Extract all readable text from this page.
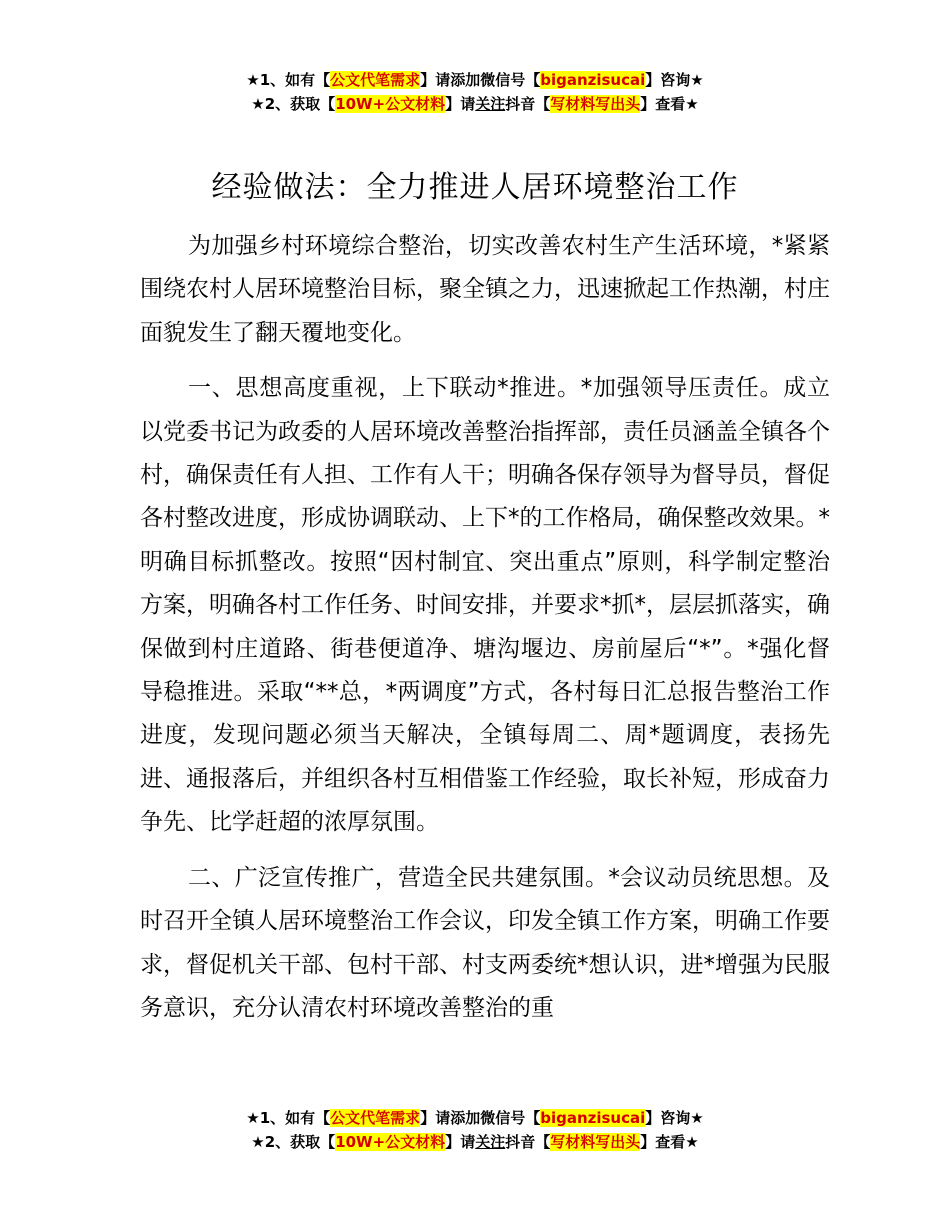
★1、如有【公文代笔需求】请添加微信号【biganzisucai】咨询★
★2、获取【10W+公文材料】请关注抖音【写材料写出头】查看★
经验做法：全力推进人居环境整治工作

为加强乡村环境综合整治，切实改善农村生产生活环境，*紧紧围绕农村人居环境整治目标，聚全镇之力，迅速掀起工作热潮，村庄面貌发生了翻天覆地变化。

一、思想高度重视，上下联动*推进。*加强领导压责任。成立以党委书记为政委的人居环境改善整治指挥部，责任员涵盖全镇各个村，确保责任有人担、工作有人干；明确各保存领导为督导员，督促各村整改进度，形成协调联动、上下*的工作格局，确保整改效果。*明确目标抓整改。按照“因村制宜、突出重点”原则，科学制定整治方案，明确各村工作任务、时间安排，并要求*抓*，层层抓落实，确保做到村庄道路、街巷便道净、塘沟堰边、房前屋后“*”。*强化督导稳推进。采取“**总，*两调度”方式，各村每日汇总报告整治工作进度，发现问题必须当天解决，全镇每周二、周*题调度，表扬先进、通报落后，并组织各村互相借鉴工作经验，取长补短，形成奋力争先、比学赶超的浓厚氛围。

二、广泛宣传推广，营造全民共建氛围。*会议动员统思想。及时召开全镇人居环境整治工作会议，印发全镇工作方案，明确工作要求，督促机关干部、包村干部、村支两委统*想认识，进*增强为民服务意识，充分认清农村环境改善整治的重

★1、如有【公文代笔需求】请添加微信号【biganzisucai】咨询★
★2、获取【10W+公文材料】请关注抖音【写材料写出头】查看★
